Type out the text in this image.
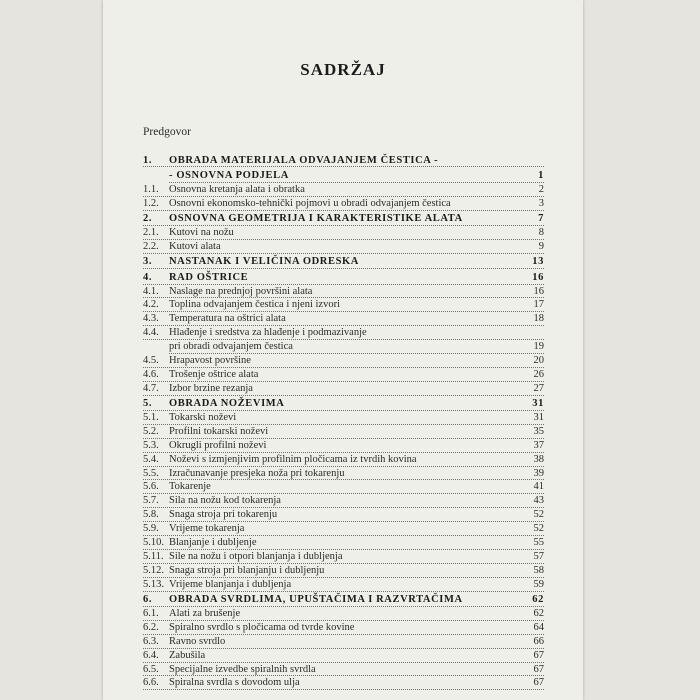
SADRŽAJ
Predgovor
1. OBRADA MATERIJALA ODVAJANJEM ČESTICA -
- OSNOVNA PODJELA	1
1.1. Osnovna kretanja alata i obratka	2
1.2. Osnovni ekonomsko-tehnički pojmovi u obradi odvajanjem čestica	3
2. OSNOVNA GEOMETRIJA I KARAKTERISTIKE ALATA	7
2.1. Kutovi na nožu	8
2.2. Kutovi alata	9
3. NASTANAK I VELIČINA ODRESKA	13
4. RAD OŠTRICE	16
4.1. Naslage na prednjoj površini alata	16
4.2. Toplina odvajanjem čestica i njeni izvori	17
4.3. Temperatura na oštrici alata	18
4.4. Hlađenje i sredstva za hlađenje i podmazivanje
pri obradi odvajanjem čestica	19
4.5. Hrapavost površine	20
4.6. Trošenje oštrice alata	26
4.7. Izbor brzine rezanja	27
5. OBRADA NOŽEVIMA	31
5.1. Tokarski noževi	31
5.2. Profilni tokarski noževi	35
5.3. Okrugli profilni noževi	37
5.4. Noževi s izmjenjivim profilnim pločicama iz tvrdih kovina	38
5.5. Izračunavanje presjeka noža pri tokarenju	39
5.6. Tokarenje	41
5.7. Sila na nožu kod tokarenja	43
5.8. Snaga stroja pri tokarenju	52
5.9. Vrijeme tokarenja	52
5.10. Blanjanje i dubljenje	55
5.11. Sile na nožu i otpori blanjanja i dubljenja	57
5.12. Snaga stroja pri blanjanju i dubljenju	58
5.13. Vrijeme blanjanja i dubljenja	59
6. OBRADA SVRDLIMA, UPUŠTAČIMA I RAZVRTAČIMA	62
6.1. Alati za brušenje	62
6.2. Spiralno svrdlo s pločicama od tvrde kovine	64
6.3. Ravno svrdlo	66
6.4. Zabušila	67
6.5. Specijalne izvedbe spiralnih svrdla	67
6.6. Spiralna svrdla s dovodom ulja	67
